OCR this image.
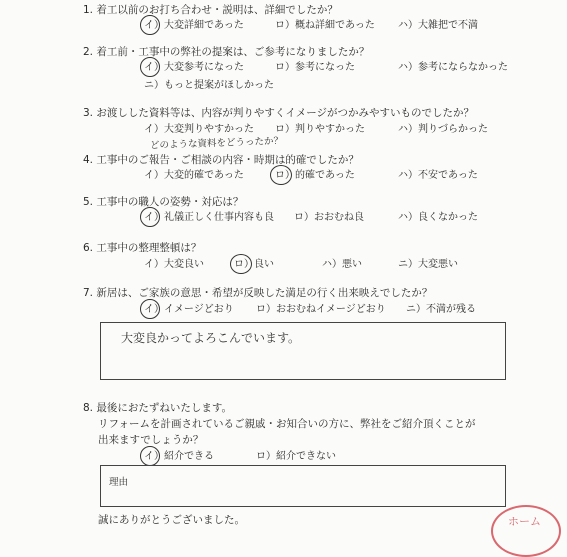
1. 着工以前のお打ち合わせ・説明は、詳細でしたか？
イ）大変詳細であった	ロ）概ね詳細であった ハ）大雑把で不満
2. 着工前・工事中の弊社の提案は、ご参考になりましたか？
イ）大変参考になった	ロ）参考になった	ハ）参考にならなかった
ニ）もっと提案がほしかった
3. お渡しした資料等は、内容が判りやすくイメージがつかみやすいものでしたか？
イ）大変判りやすかった ロ）判りやすかった	ハ）判りづらかった
どのような資料をどうったか？
4. 工事中のご報告・ご相談の内容・時期は的確でしたか？
イ）大変的確であった	ロ）的確であった	ハ）不安であった
5. 工事中の職人の姿勢・対応は？
イ）礼儀正しく仕事内容も良 ロ）おおむね良	ハ）良くなかった
6. 工事中の整理整頓は？
イ）大変良い	ロ）良い	ハ）悪い	ニ）大変悪い
7. 新居は、ご家族の意思・希望が反映した満足の行く出来映えでしたか？
イ）イメージどおり ロ）おおむねイメージどおり ニ）不満が残る
大変良かってよろこんでいます。
8. 最後におたずねいたします。
リフォームを計画されているご親戚・お知合いの方に、弊社をご紹介頂くことが
出来ますでしょうか？
イ）紹介できる	ロ）紹介できない
理由
誠にありがとうございました。	ホーム
